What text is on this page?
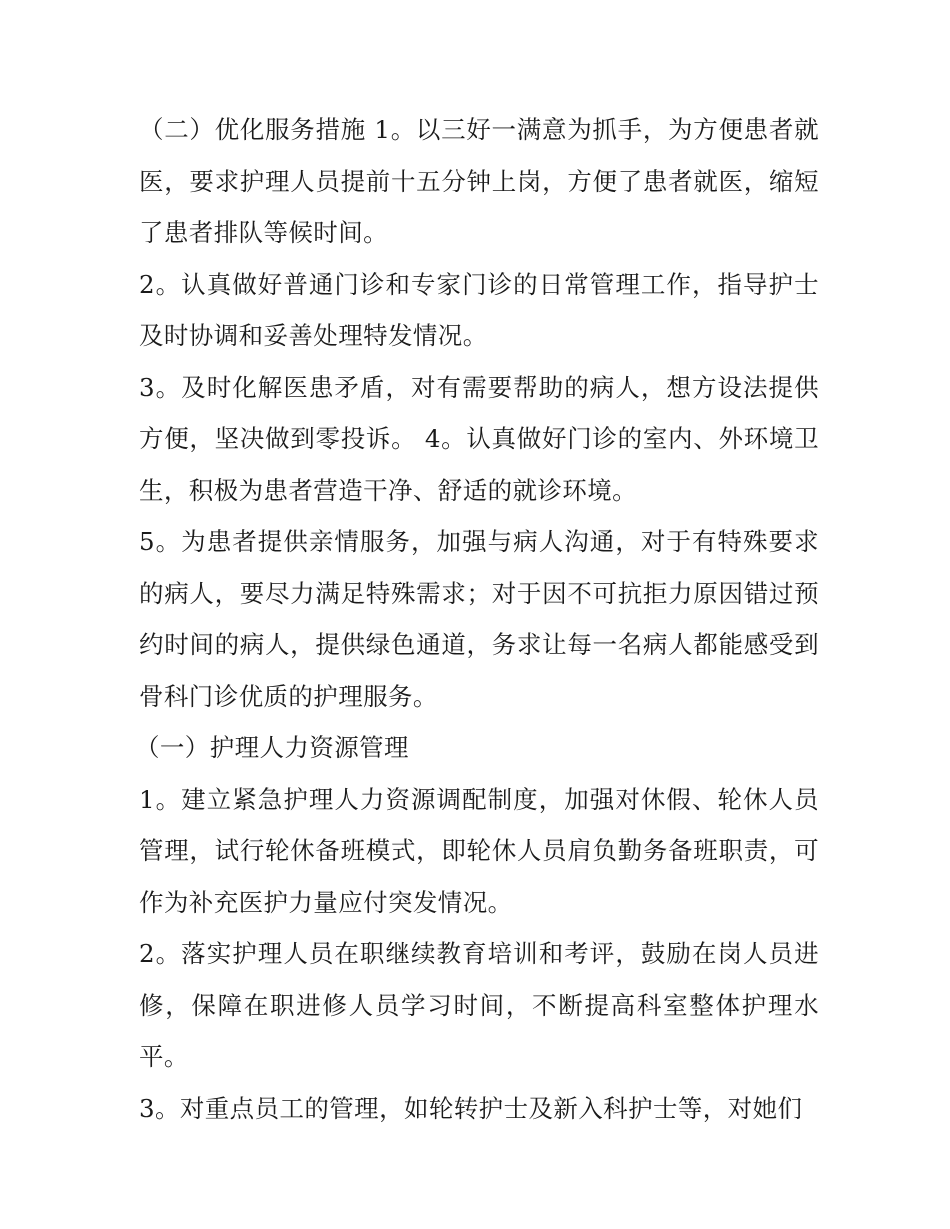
（二）优化服务措施 1。以三好一满意为抓手，为方便患者就医，要求护理人员提前十五分钟上岗，方便了患者就医，缩短了患者排队等候时间。

2。认真做好普通门诊和专家门诊的日常管理工作，指导护士及时协调和妥善处理特发情况。

3。及时化解医患矛盾，对有需要帮助的病人，想方设法提供方便，坚决做到零投诉。 4。认真做好门诊的室内、外环境卫生，积极为患者营造干净、舒适的就诊环境。

5。为患者提供亲情服务，加强与病人沟通，对于有特殊要求的病人，要尽力满足特殊需求；对于因不可抗拒力原因错过预约时间的病人，提供绿色通道，务求让每一名病人都能感受到骨科门诊优质的护理服务。

（一）护理人力资源管理

1。建立紧急护理人力资源调配制度，加强对休假、轮休人员管理，试行轮休备班模式，即轮休人员肩负勤务备班职责，可作为补充医护力量应付突发情况。

2。落实护理人员在职继续教育培训和考评，鼓励在岗人员进修，保障在职进修人员学习时间，不断提高科室整体护理水平。

3。对重点员工的管理，如轮转护士及新入科护士等，对她们
